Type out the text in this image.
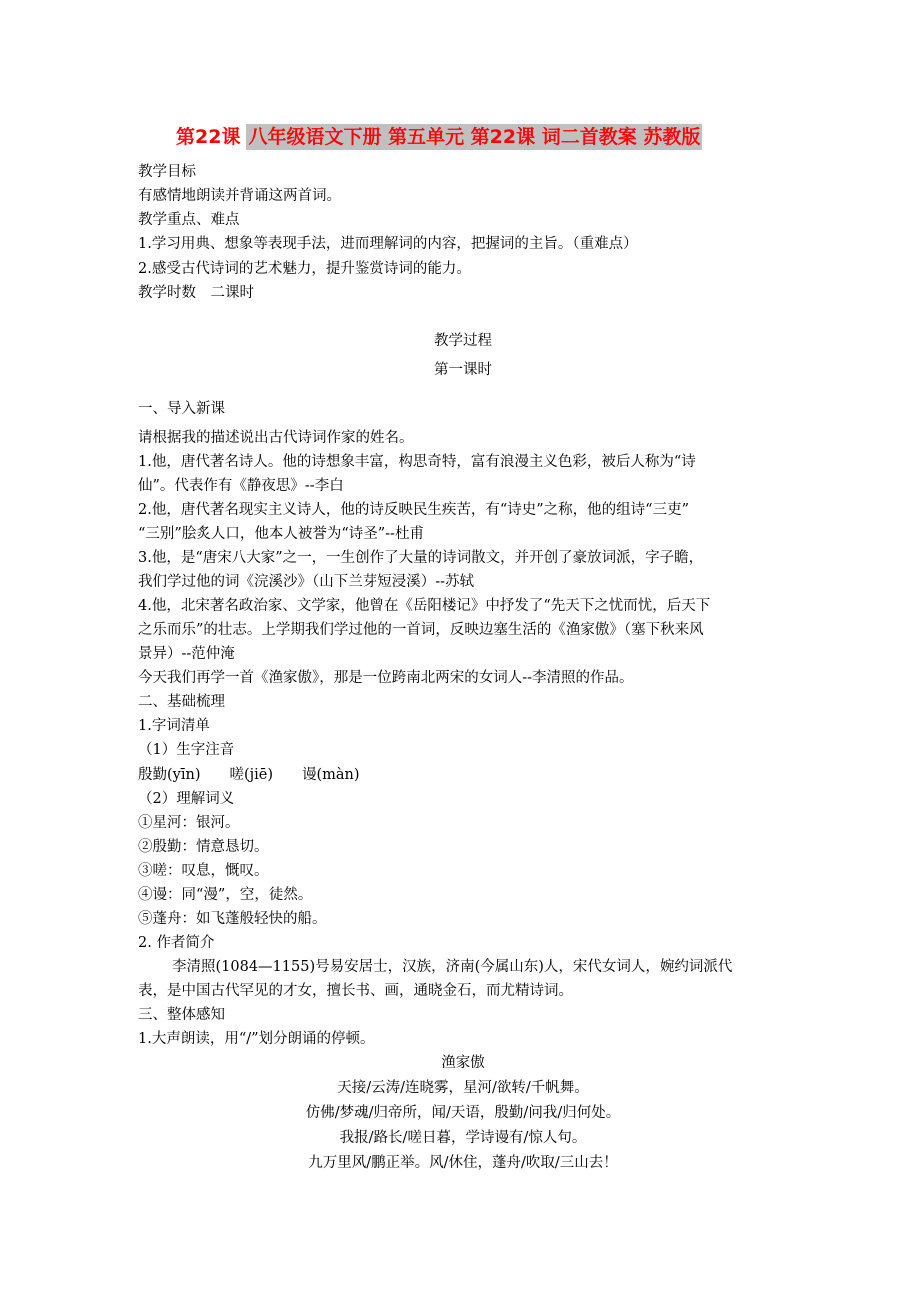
第22课 八年级语文下册 第五单元 第22课 词二首教案 苏教版
教学目标
有感情地朗读并背诵这两首词。
教学重点、难点
1.学习用典、想象等表现手法，进而理解词的内容，把握词的主旨。（重难点）
2.感受古代诗词的艺术魅力，提升鉴赏诗词的能力。
教学时数　二课时
教学过程
第一课时
一、导入新课
请根据我的描述说出古代诗词作家的姓名。
1.他，唐代著名诗人。他的诗想象丰富，构思奇特，富有浪漫主义色彩，被后人称为“诗
仙”。代表作有《静夜思》--李白
2.他，唐代著名现实主义诗人，他的诗反映民生疾苦，有“诗史”之称，他的组诗“三吏”
“三别”脍炙人口，他本人被誉为“诗圣”--杜甫
3.他，是“唐宋八大家”之一，一生创作了大量的诗词散文，并开创了豪放词派，字子瞻，
我们学过他的词《浣溪沙》（山下兰芽短浸溪）--苏轼
4.他，北宋著名政治家、文学家，他曾在《岳阳楼记》中抒发了“先天下之忧而忧，后天下
之乐而乐”的壮志。上学期我们学过他的一首词，反映边塞生活的《渔家傲》（塞下秋来风
景异）--范仲淹
今天我们再学一首《渔家傲》，那是一位跨南北两宋的女词人--李清照的作品。
二、基础梳理
1.字词清单
（1）生字注音
殷勤(yīn)　　嗟(jiē)　　谩(màn)
（2）理解词义
①星河：银河。
②殷勤：情意恳切。
③嗟：叹息，慨叹。
④谩：同“漫”，空，徒然。
⑤蓬舟：如飞蓬般轻快的船。
2. 作者简介
李清照(1084—1155)号易安居士，汉族，济南(今属山东)人，宋代女词人，婉约词派代
表，是中国古代罕见的才女，擅长书、画，通晓金石，而尤精诗词。
三、整体感知
1.大声朗读，用“/”划分朗诵的停顿。
渔家傲
天接/云涛/连晓雾，星河/欲转/千帆舞。
仿佛/梦魂/归帝所，闻/天语，殷勤/问我/归何处。
我报/路长/嗟日暮，学诗谩有/惊人句。
九万里风/鹏正举。风/休住，蓬舟/吹取/三山去！
